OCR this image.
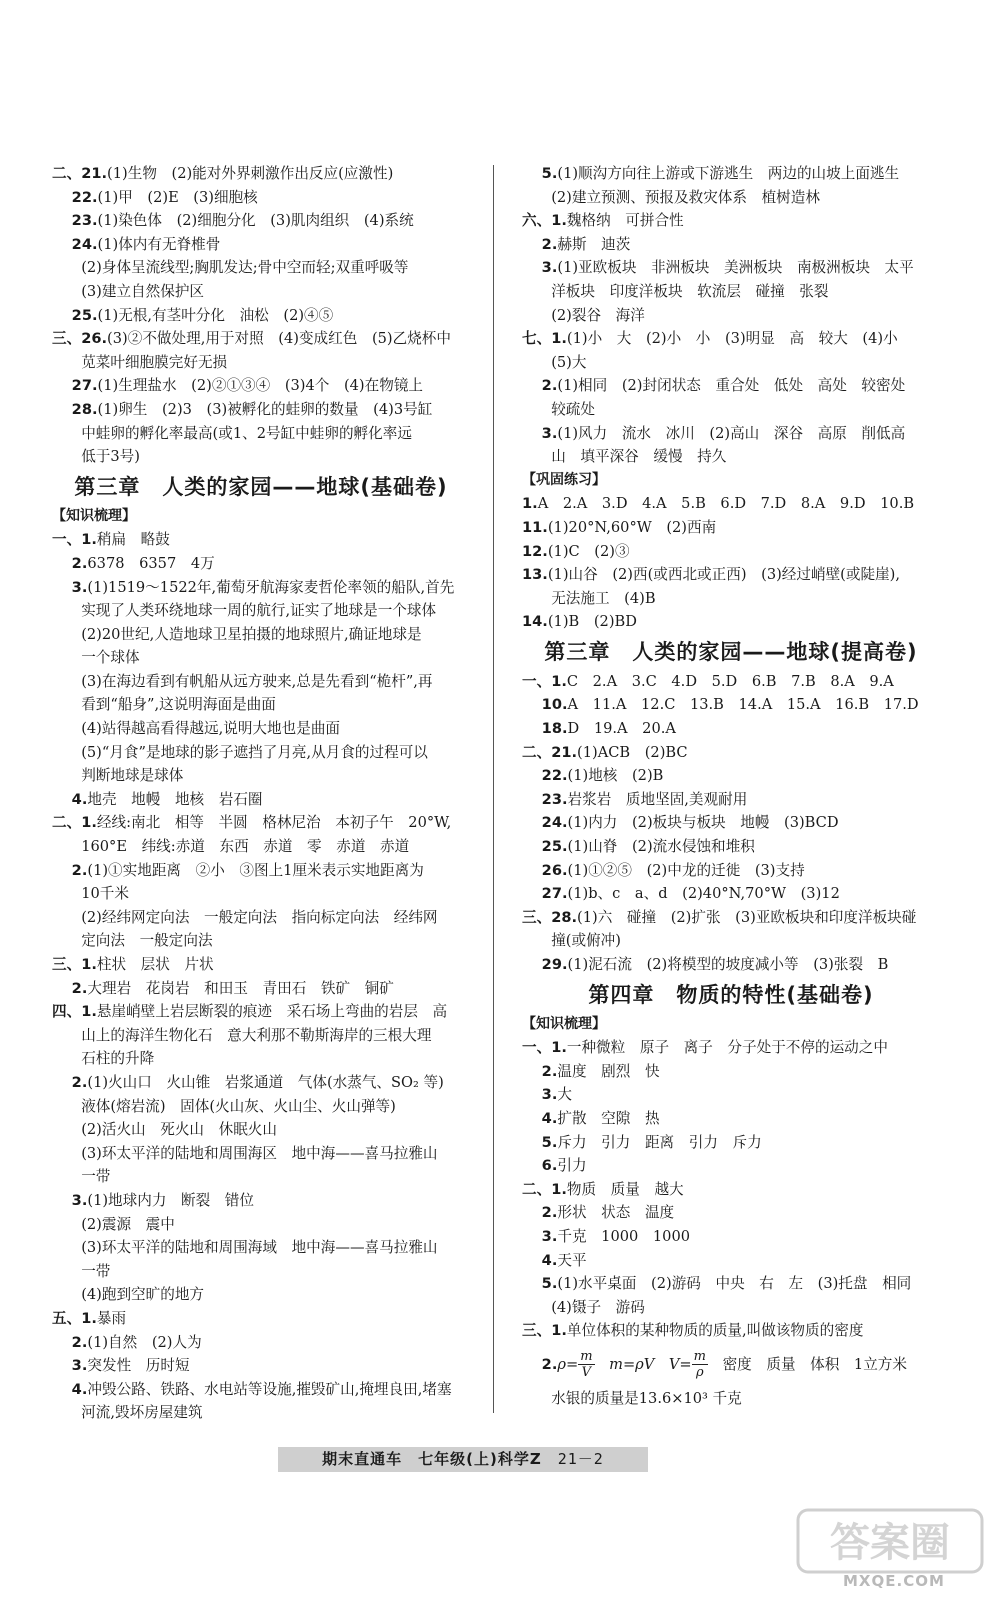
二、21.(1)生物　(2)能对外界刺激作出反应(应激性)
　 22.(1)甲　(2)E　(3)细胞核
　 23.(1)染色体　(2)细胞分化　(3)肌肉组织　(4)系统
　 24.(1)体内有无脊椎骨
　　(2)身体呈流线型;胸肌发达;骨中空而轻;双重呼吸等
　　(3)建立自然保护区
　 25.(1)无根,有茎叶分化　油松　(2)④⑤
三、26.(3)②不做处理,用于对照　(4)变成红色　(5)乙烧杯中
　　苋菜叶细胞膜完好无损
　 27.(1)生理盐水　(2)②①③④　(3)4个　(4)在物镜上
　 28.(1)卵生　(2)3　(3)被孵化的蛙卵的数量　(4)3号缸
　　中蛙卵的孵化率最高(或1、2号缸中蛙卵的孵化率远
　　低于3号)
第三章　人类的家园——地球(基础卷)
【知识梳理】
一、1.稍扁　略鼓
　 2.6378　6357　4万
　 3.(1)1519～1522年,葡萄牙航海家麦哲伦率领的船队,首先
　　实现了人类环绕地球一周的航行,证实了地球是一个球体
　　(2)20世纪,人造地球卫星拍摄的地球照片,确证地球是
　　一个球体
　　(3)在海边看到有帆船从远方驶来,总是先看到“桅杆”,再
　　看到“船身”,这说明海面是曲面
　　(4)站得越高看得越远,说明大地也是曲面
　　(5)“月食”是地球的影子遮挡了月亮,从月食的过程可以
　　判断地球是球体
　 4.地壳　地幔　地核　岩石圈
二、1.经线:南北　相等　半圆　格林尼治　本初子午　20°W,
　　160°E　纬线:赤道　东西　赤道　零　赤道　赤道
　 2.(1)①实地距离　②小　③图上1厘米表示实地距离为
　　10千米
　　(2)经纬网定向法　一般定向法　指向标定向法　经纬网
　　定向法　一般定向法
三、1.柱状　层状　片状
　 2.大理岩　花岗岩　和田玉　青田石　铁矿　铜矿
四、1.悬崖峭壁上岩层断裂的痕迹　采石场上弯曲的岩层　高
　　山上的海洋生物化石　意大利那不勒斯海岸的三根大理
　　石柱的升降
　 2.(1)火山口　火山锥　岩浆通道　气体(水蒸气、SO₂ 等)
　　液体(熔岩流)　固体(火山灰、火山尘、火山弹等)
　　(2)活火山　死火山　休眠火山
　　(3)环太平洋的陆地和周围海区　地中海——喜马拉雅山
　　一带
　 3.(1)地球内力　断裂　错位
　　(2)震源　震中
　　(3)环太平洋的陆地和周围海域　地中海——喜马拉雅山
　　一带
　　(4)跑到空旷的地方
五、1.暴雨
　 2.(1)自然　(2)人为
　 3.突发性　历时短
　 4.冲毁公路、铁路、水电站等设施,摧毁矿山,掩埋良田,堵塞
　　河流,毁坏房屋建筑
　 5.(1)顺沟方向往上游或下游逃生　两边的山坡上面逃生
　　(2)建立预测、预报及救灾体系　植树造林
六、1.魏格纳　可拼合性
　 2.赫斯　迪茨
　 3.(1)亚欧板块　非洲板块　美洲板块　南极洲板块　太平
　　洋板块　印度洋板块　软流层　碰撞　张裂
　　(2)裂谷　海洋
七、1.(1)小　大　(2)小　小　(3)明显　高　较大　(4)小
　　(5)大
　 2.(1)相同　(2)封闭状态　重合处　低处　高处　较密处
　　较疏处
　 3.(1)风力　流水　冰川　(2)高山　深谷　高原　削低高
　　山　填平深谷　缓慢　持久
【巩固练习】
1.A　2.A　3.D　4.A　5.B　6.D　7.D　8.A　9.D　10.B
11.(1)20°N,60°W　(2)西南
12.(1)C　(2)③
13.(1)山谷　(2)西(或西北或正西)　(3)经过峭壁(或陡崖),
　　无法施工　(4)B
14.(1)B　(2)BD
第三章　人类的家园——地球(提高卷)
一、1.C　2.A　3.C　4.D　5.D　6.B　7.B　8.A　9.A
　 10.A　11.A　12.C　13.B　14.A　15.A　16.B　17.D
　 18.D　19.A　20.A
二、21.(1)ACB　(2)BC
　 22.(1)地核　(2)B
　 23.岩浆岩　质地坚固,美观耐用
　 24.(1)内力　(2)板块与板块　地幔　(3)BCD
　 25.(1)山脊　(2)流水侵蚀和堆积
　 26.(1)①②⑤　(2)中龙的迁徙　(3)支持
　 27.(1)b、c　a、d　(2)40°N,70°W　(3)12
三、28.(1)六　碰撞　(2)扩张　(3)亚欧板块和印度洋板块碰
　　撞(或俯冲)
　 29.(1)泥石流　(2)将模型的坡度减小等　(3)张裂　B
第四章　物质的特性(基础卷)
【知识梳理】
一、1.一种微粒　原子　离子　分子处于不停的运动之中
　 2.温度　剧烈　快
　 3.大
　 4.扩散　空隙　热
　 5.斥力　引力　距离　引力　斥力
　 6.引力
二、1.物质　质量　越大
　 2.形状　状态　温度
　 3.千克　1000　1000
　 4.天平
　 5.(1)水平桌面　(2)游码　中央　右　左　(3)托盘　相同
　　(4)镊子　游码
三、1.单位体积的某种物质的质量,叫做该物质的密度
　 $2.\rho= \frac{m}{V}$ 　m=ρV　$V= \frac{m}{\rho}$ 　密度　质量　体积　1立方米
　　水银的质量是13.6×10³ 千克
期末直通车　七年级(上)科学Z　 21－2
答案圈
MXQE.COM
